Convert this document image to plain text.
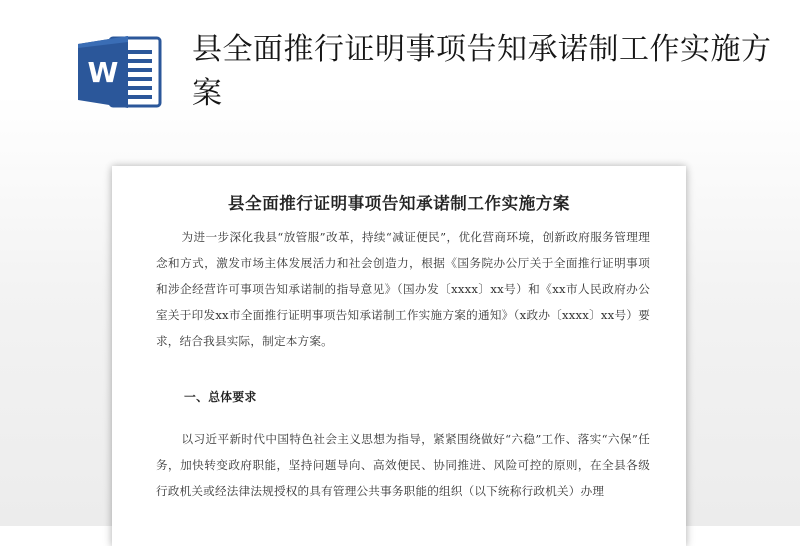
W
县全面推行证明事项告知承诺制工作实施方案
县全面推行证明事项告知承诺制工作实施方案

为进一步深化我县“放管服”改革，持续“减证便民”，优化营商环境，创新政府服务管理理念和方式，激发市场主体发展活力和社会创造力，根据《国务院办公厅关于全面推行证明事项和涉企经营许可事项告知承诺制的指导意见》（国办发〔xxxx〕xx号）和《xx市人民政府办公室关于印发xx市全面推行证明事项告知承诺制工作实施方案的通知》（x政办〔xxxx〕xx号）要求，结合我县实际，制定本方案。

一、总体要求

以习近平新时代中国特色社会主义思想为指导，紧紧围绕做好“六稳”工作、落实“六保”任务，加快转变政府职能，坚持问题导向、高效便民、协同推进、风险可控的原则，在全县各级行政机关或经法律法规授权的具有管理公共事务职能的组织（以下统称行政机关）办理
